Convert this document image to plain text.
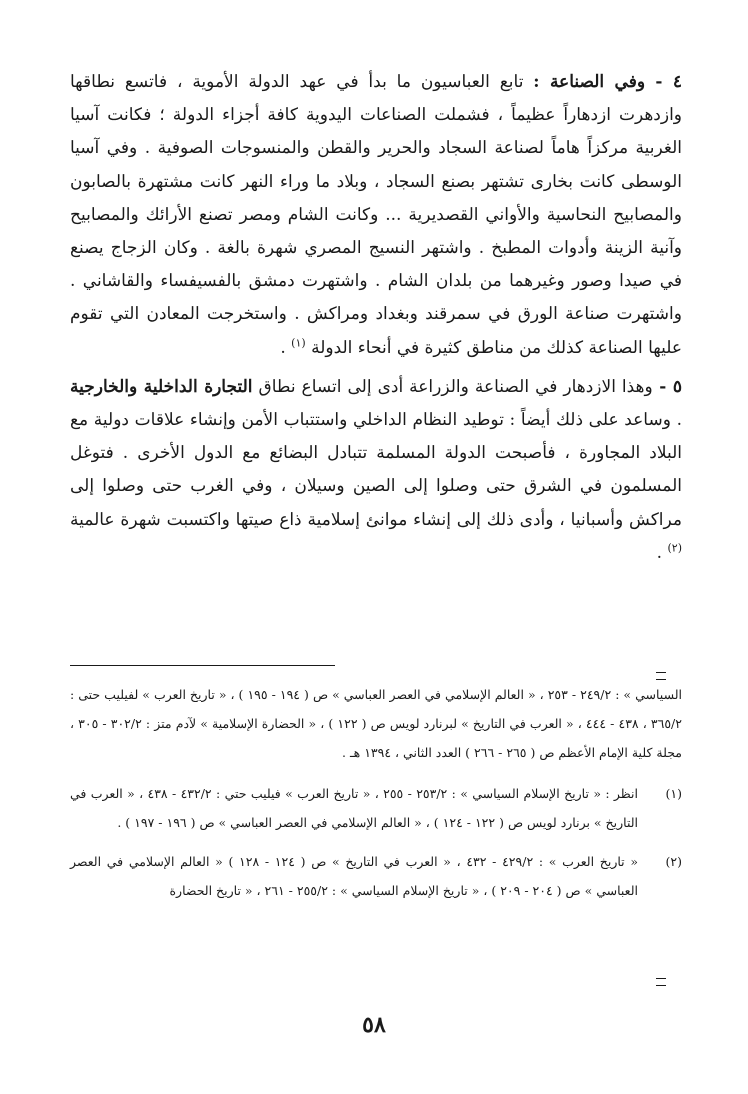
٤ - وفي الصناعة : تابع العباسيون ما بدأ في عهد الدولة الأموية ، فاتسع نطاقها وازدهرت ازدهاراً عظيماً ، فشملت الصناعات اليدوية كافة أجزاء الدولة ؛ فكانت آسيا الغربية مركزاً هاماً لصناعة السجاد والحرير والقطن والمنسوجات الصوفية . وفي آسيا الوسطى كانت بخارى تشتهر بصنع السجاد ، وبلاد ما وراء النهر كانت مشتهرة بالصابون والمصابيح النحاسية والأواني القصديرية ... وكانت الشام ومصر تصنع الأرائك والمصابيح وآنية الزينة وأدوات المطبخ . واشتهر النسيج المصري شهرة بالغة . وكان الزجاج يصنع في صيدا وصور وغيرهما من بلدان الشام . واشتهرت دمشق بالفسيفساء والقاشاني . واشتهرت صناعة الورق في سمرقند وبغداد ومراكش . واستخرجت المعادن التي تقوم عليها الصناعة كذلك من مناطق كثيرة في أنحاء الدولة $^{(١)}$ .

٥ - وهذا الازدهار في الصناعة والزراعة أدى إلى اتساع نطاق التجارة الداخلية والخارجية . وساعد على ذلك أيضاً : توطيد النظام الداخلي واستتباب الأمن وإنشاء علاقات دولية مع البلاد المجاورة ، فأصبحت الدولة المسلمة تتبادل البضائع مع الدول الأخرى . فتوغل المسلمون في الشرق حتى وصلوا إلى الصين وسيلان ، وفي الغرب حتى وصلوا إلى مراكش وأسبانيا ، وأدى ذلك إلى إنشاء موانئ إسلامية ذاع صيتها واكتسبت شهرة عالمية $^{(٢)}$ .

السياسي » : ٢٤٩/٢ - ٢٥٣ ، « العالم الإسلامي في العصر العباسي » ص ( ١٩٤ - ١٩٥ ) ، « تاريخ العرب » لفيليب حتى : ٣٦٥/٢ ، ٤٣٨ - ٤٤٤ ، « العرب في التاريخ » لبرنارد لويس ص ( ١٢٢ ) ، « الحضارة الإسلامية » لآدم متز : ٣٠٢/٢ - ٣٠٥ ، مجلة كلية الإمام الأعظم ص ( ٢٦٥ - ٢٦٦ ) العدد الثاني ، ١٣٩٤ هـ .

(١)
انظر : « تاريخ الإسلام السياسي » : ٢٥٣/٢ - ٢٥٥ ، « تاريخ العرب » فيليب حتي : ٤٣٢/٢ - ٤٣٨ ، « العرب في التاريخ » برنارد لويس ص ( ١٢٢ - ١٢٤ ) ، « العالم الإسلامي في العصر العباسي » ص ( ١٩٦ - ١٩٧ ) .
(٢)
« تاريخ العرب » : ٤٢٩/٢ - ٤٣٢ ، « العرب في التاريخ » ص ( ١٢٤ - ١٢٨ ) « العالم الإسلامي في العصر العباسي » ص ( ٢٠٤ - ٢٠٩ ) ، « تاريخ الإسلام السياسي » : ٢٥٥/٢ - ٢٦١ ، « تاريخ الحضارة
٥٨
